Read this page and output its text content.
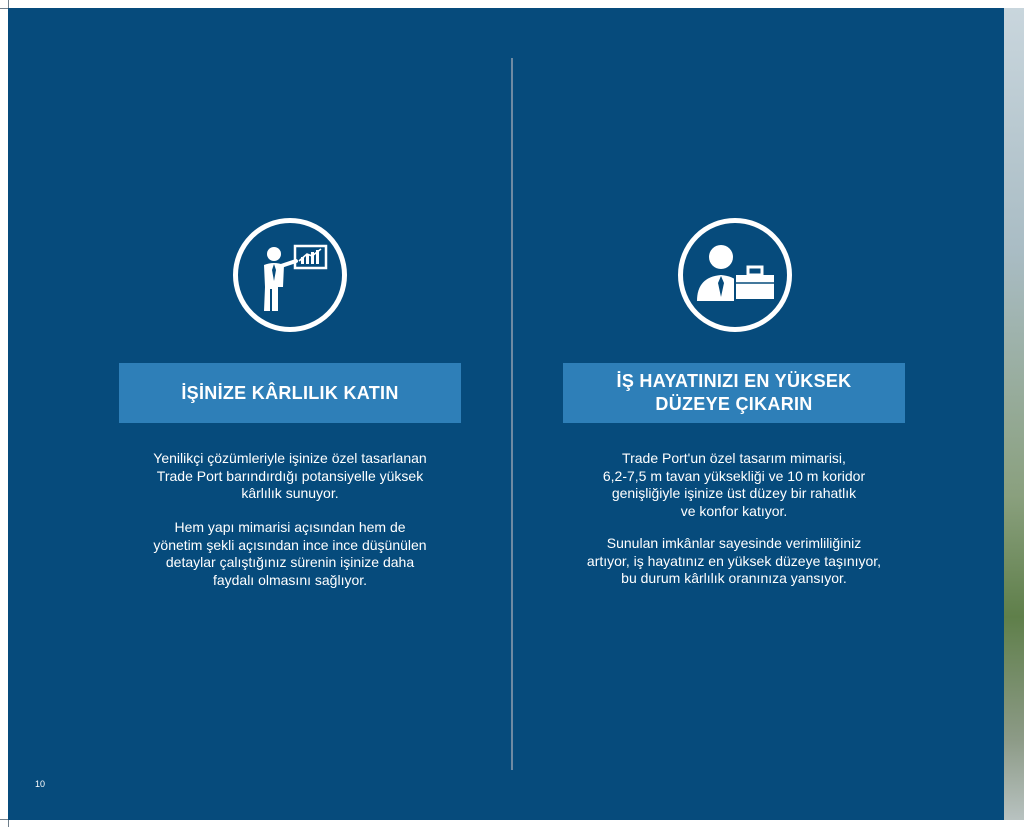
İŞİNİZE KÂRLILIK KATIN

Yenilikçi çözümleriyle işinize özel tasarlanan
Trade Port barındırdığı potansiyelle yüksek
kârlılık sunuyor.

Hem yapı mimarisi açısından hem de
yönetim şekli açısından ince ince düşünülen
detaylar çalıştığınız sürenin işinize daha
faydalı olmasını sağlıyor.

İŞ HAYATINIZI EN YÜKSEK
DÜZEYE ÇIKARIN

Trade Port'un özel tasarım mimarisi,
6,2-7,5 m tavan yüksekliği ve 10 m koridor
genişliğiyle işinize üst düzey bir rahatlık
ve konfor katıyor.

Sunulan imkânlar sayesinde verimliliğiniz
artıyor, iş hayatınız en yüksek düzeye taşınıyor,
bu durum kârlılık oranınıza yansıyor.

10
